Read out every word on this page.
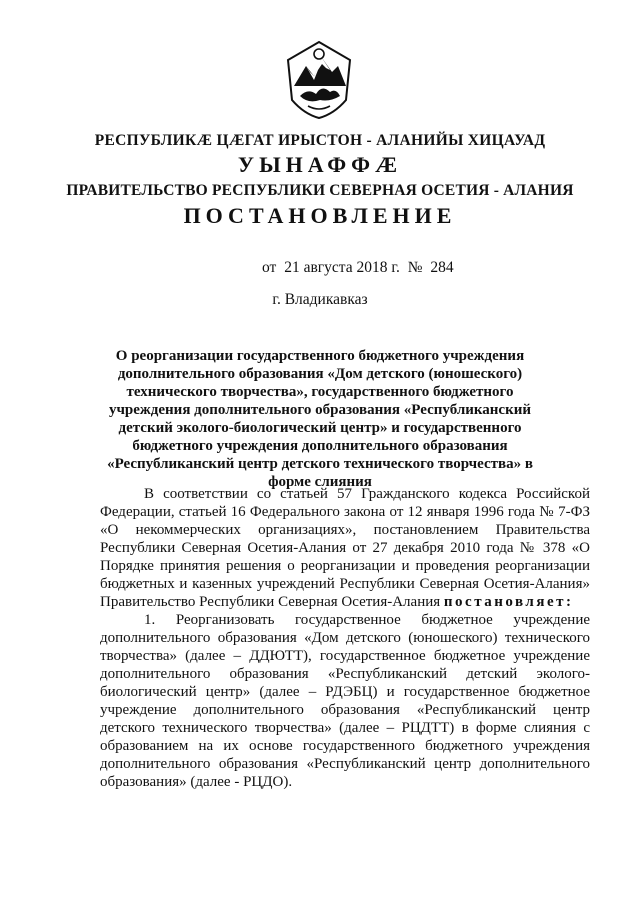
РЕСПУБЛИКÆ ЦÆГАТ ИРЫСТОН - АЛАНИЙЫ ХИЦАУАД
УЫНАФФÆ
ПРАВИТЕЛЬСТВО РЕСПУБЛИКИ СЕВЕРНАЯ ОСЕТИЯ - АЛАНИЯ
ПОСТАНОВЛЕНИЕ
от 21 августа 2018 г. № 284
г. Владикавказ
О реорганизации государственного бюджетного учреждения дополнительного образования «Дом детского (юношеского) технического творчества», государственного бюджетного учреждения дополнительного образования «Республиканский детский эколого-биологический центр» и государственного бюджетного учреждения дополнительного образования «Республиканский центр детского технического творчества» в форме слияния

В соответствии со статьей 57 Гражданского кодекса Российской Федерации, статьей 16 Федерального закона от 12 января 1996 года № 7-ФЗ «О некоммерческих организациях», постановлением Правительства Республики Северная Осетия-Алания от 27 декабря 2010 года № 378 «О Порядке принятия решения о реорганизации и проведения реорганизации бюджетных и казенных учреждений Республики Северная Осетия-Алания» Правительство Республики Северная Осетия-Алания постановляет:

1. Реорганизовать государственное бюджетное учреждение дополнительного образования «Дом детского (юношеского) технического творчества» (далее – ДДЮТТ), государственное бюджетное учреждение дополнительного образования «Республиканский детский эколого-биологический центр» (далее – РДЭБЦ) и государственное бюджетное учреждение дополнительного образования «Республиканский центр детского технического творчества» (далее – РЦДТТ) в форме слияния с образованием на их основе государственного бюджетного учреждения дополнительного образования «Республиканский центр дополнительного образования» (далее - РЦДО).
